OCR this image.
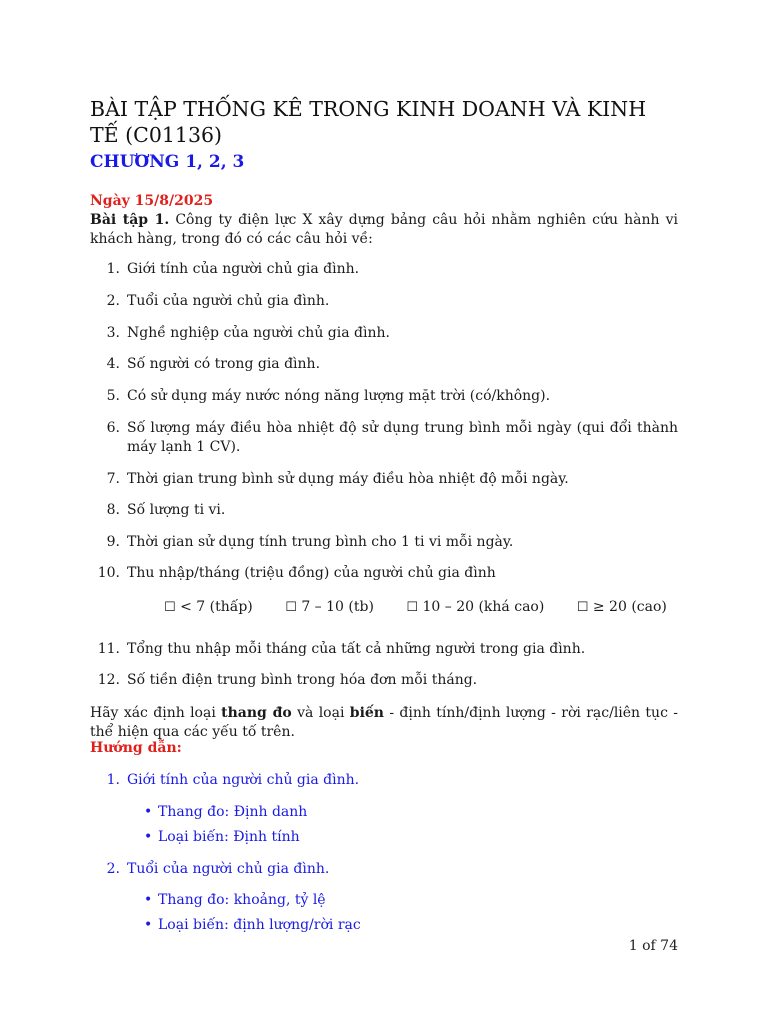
BÀI TẬP THỐNG KÊ TRONG KINH DOANH VÀ KINH TẾ (C01136)
CHƯƠNG 1, 2, 3
Ngày 15/8/2025
Bài tập 1. Công ty điện lực X xây dựng bảng câu hỏi nhằm nghiên cứu hành vi khách hàng, trong đó có các câu hỏi về:
1. Giới tính của người chủ gia đình.
2. Tuổi của người chủ gia đình.
3. Nghề nghiệp của người chủ gia đình.
4. Số người có trong gia đình.
5. Có sử dụng máy nước nóng năng lượng mặt trời (có/không).
6. Số lượng máy điều hòa nhiệt độ sử dụng trung bình mỗi ngày (qui đổi thành máy lạnh 1 CV).
7. Thời gian trung bình sử dụng máy điều hòa nhiệt độ mỗi ngày.
8. Số lượng ti vi.
9. Thời gian sử dụng tính trung bình cho 1 ti vi mỗi ngày.
10. Thu nhập/tháng (triệu đồng) của người chủ gia đình
11. Tổng thu nhập mỗi tháng của tất cả những người trong gia đình.
12. Số tiền điện trung bình trong hóa đơn mỗi tháng.
☐ < 7 (thấp) ☐ 7 – 10 (tb) ☐ 10 – 20 (khá cao) ☐ ≥ 20 (cao)
Hãy xác định loại thang đo và loại biến - định tính/định lượng - rời rạc/liên tục - thể hiện qua các yếu tố trên.
Hướng dẫn:
1. Giới tính của người chủ gia đình.
• Thang đo: Định danh
• Loại biến: Định tính
2. Tuổi của người chủ gia đình.
• Thang đo: khoảng, tỷ lệ
• Loại biến: định lượng/rời rạc
1 of 74
